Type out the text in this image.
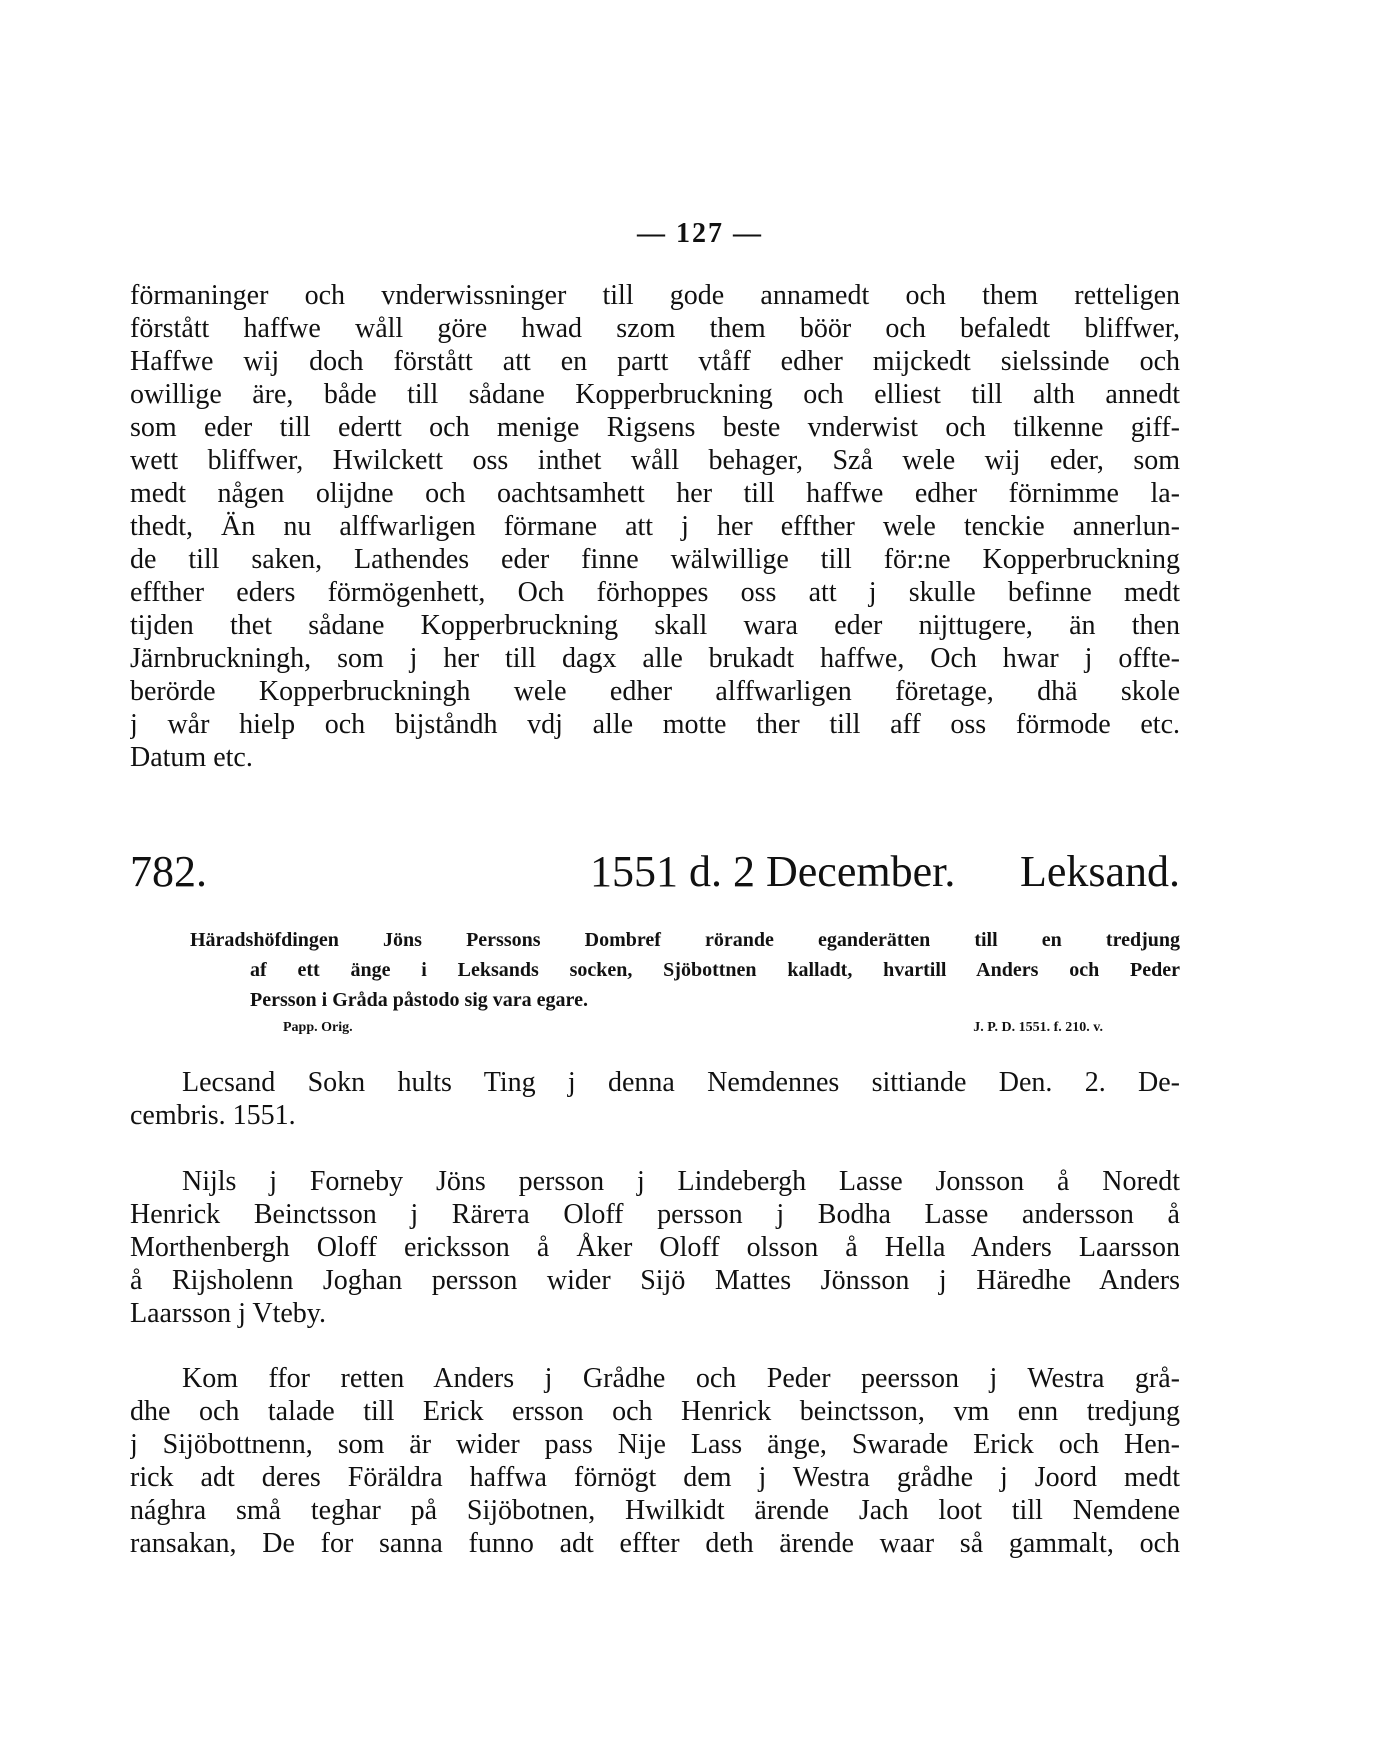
— 127 —
förmaninger och vnderwissninger till gode annamedt och them retteligen
förstått haffwe wåll göre hwad szom them böör och befaledt bliffwer,
Haffwe wij doch förstått att en partt vtåff edher mijckedt sielssinde och
owillige äre, både till sådane Kopperbruckning och elliest till alth annedt
som eder till edertt och menige Rigsens beste vnderwist och tilkenne giff-
wett bliffwer, Hwilckett oss inthet wåll behager, Szå wele wij eder, som
medt någen olijdne och oachtsamhett her till haffwe edher förnimme la-
thedt, Än nu alffwarligen förmane att j her effther wele tenckie annerlun-
de till saken, Lathendes eder finne wälwillige till för:ne Kopperbruckning
effther eders förmögenhett, Och förhoppes oss att j skulle befinne medt
tijden thet sådane Kopperbruckning skall wara eder nijttugere, än then
Järnbruckningh, som j her till dagx alle brukadt haffwe, Och hwar j offte-
berörde Kopperbruckningh wele edher alffwarligen företage, dhä skole
j wår hielp och bijståndh vdj alle motte ther till aff oss förmode etc.
Datum etc.
782.	1551 d. 2 December. Leksand.
Häradshöfdingen Jöns Perssons Dombref rörande eganderätten till en tredjung
af ett änge i Leksands socken, Sjöbottnen kalladt, hvartill Anders och Peder
Persson i Gråda påstodo sig vara egare.
Papp. Orig.	J. P. D. 1551. f. 210. v.
Lecsand Sokn hults Ting j denna Nemdennes sittiande Den. 2. De-
cembris. 1551.
Nijls j Forneby Jöns persson j Lindebergh Lasse Jonsson å Noredt
Henrick Beinctsson j Rärета Oloff persson j Bodha Lasse andersson å
Morthenbergh Oloff ericksson å Åker Oloff olsson å Hella Anders Laarsson
å Rijsholenn Joghan persson wider Sijö Mattes Jönsson j Häredhe Anders
Laarsson j Vteby.
Kom ffor retten Anders j Grådhe och Peder peersson j Westra grå-
dhe och talade till Erick ersson och Henrick beinctsson, vm enn tredjung
j Sijöbottnenn, som är wider pass Nije Lass änge, Swarade Erick och Hen-
rick adt deres Föräldra haffwa förnögt dem j Westra grådhe j Joord medt
nághra små teghar på Sijöbotnen, Hwilkidt ärende Jach loot till Nemdene
ransakan, De for sanna funno adt effter deth ärende waar så gammalt, och
